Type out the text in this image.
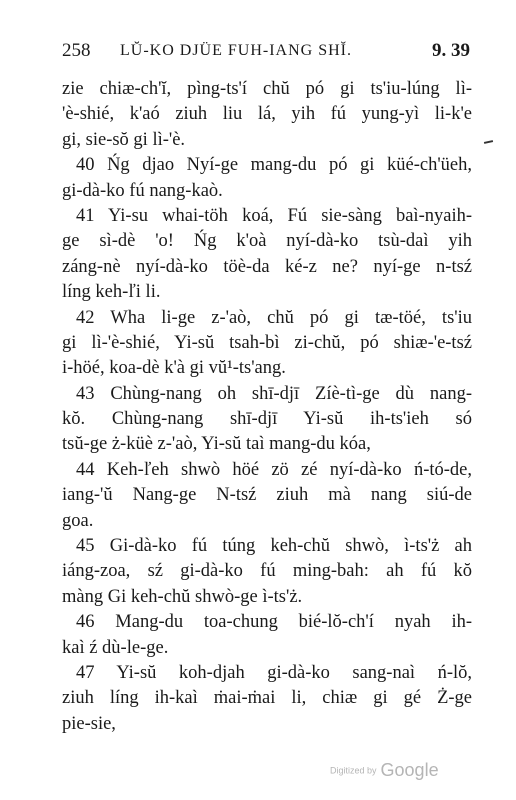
258 LŬ-KO DJÜE FUH-IANG SHĬ.	9. 39
zie chiæ-ch'ĭ, pìng-ts'í chŭ pó gi ts'iu-lúng lì-
'è-shié, k'aó ziuh liu lá, yih fú yung-yì li-k'e
gi, sie-sŏ gi lì-'è.
40 Ńg djao Nyí-ge mang-du pó gi küé-ch'üeh,
gi-dà-ko fú nang-kaò.
41 Yi-su whai-töh koá, Fú sie-sàng baì-nyaih-
ge sì-dè 'o! Ńg k'oà nyí-dà-ko tsù-daì yih
záng-nè nyí-dà-ko töè-da ké-z ne? nyí-ge n-tsź
líng keh-ľi li.
42 Wha li-ge z-'aò, chŭ pó gi tæ-töé, ts'iu
gi lì-'è-shié, Yi-sŭ tsah-bì zi-chŭ, pó shiæ-'e-tsź
i-höé, koa-dè k'à gi vŭ¹-ts'ang.
43 Chùng-nang oh shī-djī Zíè-tì-ge dù nang-
kŏ. Chùng-nang shī-djī Yi-sŭ ih-ts'ieh só
tsŭ-ge ż-küè z-'aò, Yi-sŭ taì mang-du kóa,
44 Keh-ľeh shwò höé zö zé nyí-dà-ko ń-tó-de,
iang-'ŭ Nang-ge N-tsź ziuh mà nang siú-de
goa.
45 Gi-dà-ko fú túng keh-chŭ shwò, ì-ts'ż ah
iáng-zoa, sź gi-dà-ko fú ming-bah: ah fú kŏ
màng Gi keh-chŭ shwò-ge ì-ts'ż.
46 Mang-du toa-chung bié-lŏ-ch'í nyah ih-
kaì ź dù-le-ge.
47 Yi-sŭ koh-djah gi-dà-ko sang-naì ń-lŏ,
ziuh líng ih-kaì ṁai-ṁai li, chiæ gi gé Ż-ge
pie-sie,
Digitized by Google
